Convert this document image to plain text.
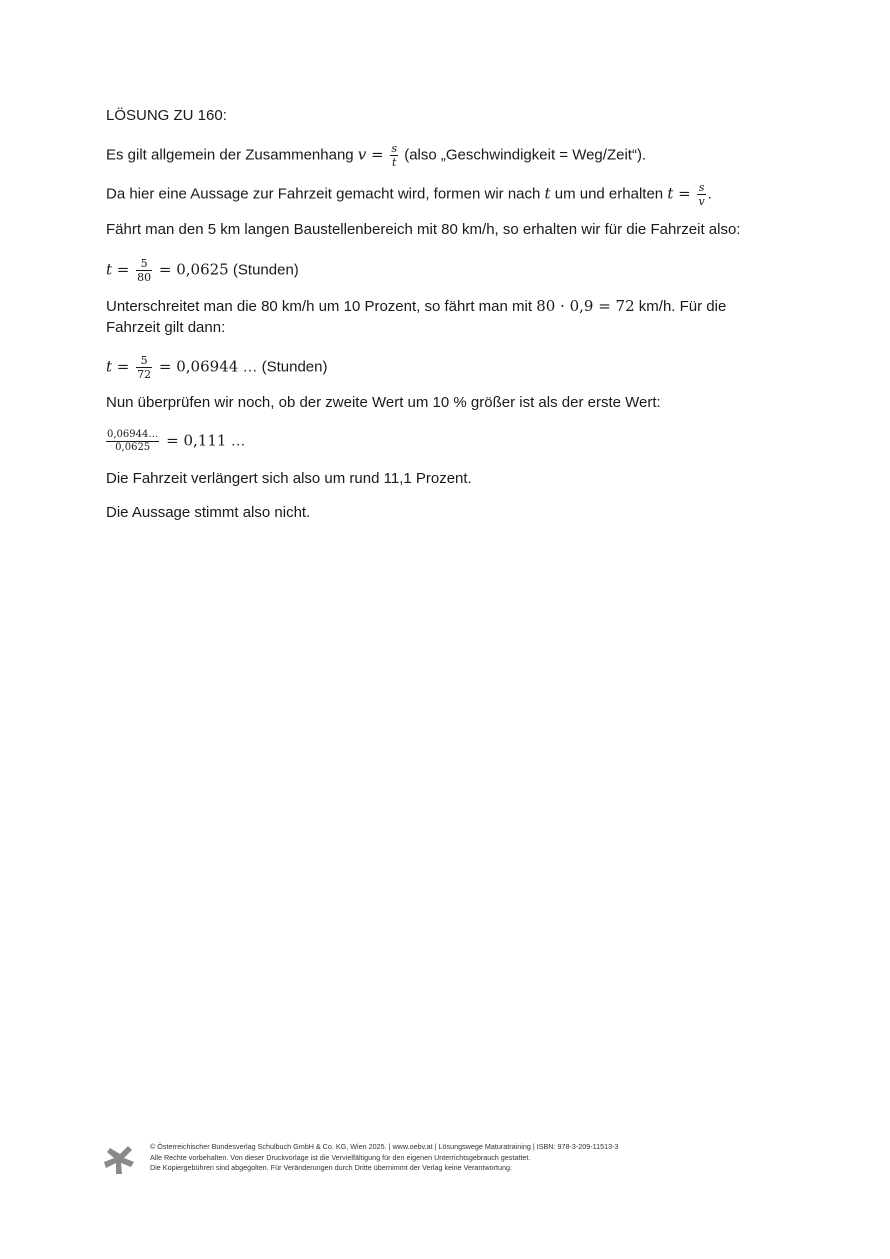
LÖSUNG ZU 160:
Es gilt allgemein der Zusammenhang $v = \frac{s}{t}$ (also „Geschwindigkeit = Weg/Zeit“).
Da hier eine Aussage zur Fahrzeit gemacht wird, formen wir nach t um und erhalten $t = \frac{s}{v}$ .
Fährt man den 5 km langen Baustellenbereich mit 80 km/h, so erhalten wir für die Fahrzeit also:
$t = \frac{5}{80} = 0,0625$ (Stunden)
Unterschreitet man die 80 km/h um 10 Prozent, so fährt man mit 80 · 0,9 = 72 km/h. Für die
Fahrzeit gilt dann:
$t = \frac{5}{72} = 0,06944$ … (Stunden)
Nun überprüfen wir noch, ob der zweite Wert um 10 % größer ist als der erste Wert:
$\frac{0,06944\dots}{0,0625} = 0,111$ …
Die Fahrzeit verlängert sich also um rund 11,1 Prozent.
Die Aussage stimmt also nicht.
© Österreichischer Bundesverlag Schulbuch GmbH & Co. KG, Wien 2025. | www.oebv.at | Lösungswege Maturatraining | ISBN: 978-3-209-11513-3
Alle Rechte vorbehalten. Von dieser Druckvorlage ist die Vervielfältigung für den eigenen Unterrichtsgebrauch gestattet.
Die Kopiergebühren sind abgegolten. Für Veränderungen durch Dritte übernimmt der Verlag keine Verantwortung.
